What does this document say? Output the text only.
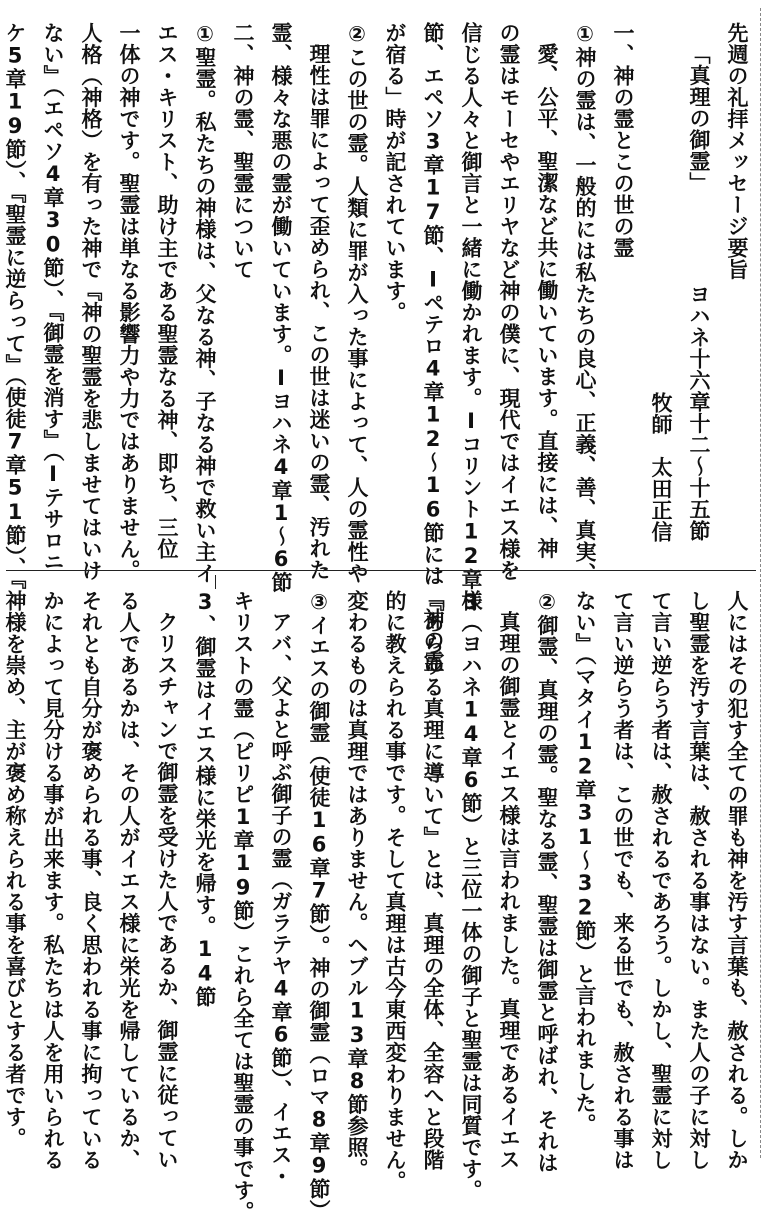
先週の礼拝メッセージ要旨
「真理の御霊」ヨハネ十六章十二〜十五節
牧師　太田正信
一、神の霊とこの世の霊
①神の霊は、一般的には私たちの良心、正義、善、真実、
愛、公平、聖潔など共に働いています。直接には、神
の霊はモーセやエリヤなど神の僕に、現代ではイエス様を
信じる人々と御言と一緒に働かれます。Ⅰコリント12章3
節、エペソ3章17節、Ⅰペテロ4章12〜16節には「神の霊
が宿る」時が記されています。
②この世の霊。人類に罪が入った事によって、人の霊性や
理性は罪によって歪められ、この世は迷いの霊、汚れた
霊、様々な悪の霊が働いています。Ⅰヨハネ4章1〜6節
二、神の霊、聖霊について
①聖霊。私たちの神様は、父なる神、子なる神で救い主イ
エス・キリスト、助け主である聖霊なる神、即ち、三位
一体の神です。聖霊は単なる影響力や力ではありません。
人格（神格）を有った神で『神の聖霊を悲しませてはいけ
ない』（エペソ4章30節）、『御霊を消す』（Ⅰテサロニ
ケ5章19節）、『聖霊に逆らって』（使徒7章51節）、『
人にはその犯す全ての罪も神を汚す言葉も、赦される。しか
し聖霊を汚す言葉は、赦される事はない。また人の子に対し
て言い逆らう者は、赦されるであろう。しかし、聖霊に対し
て言い逆らう者は、この世でも、来る世でも、赦される事は
ない』（マタイ12章31〜32節）と言われました。
②御霊、真理の霊。聖なる霊、聖霊は御霊と呼ばれ、それは
真理の御霊とイエス様は言われました。真理であるイエス
様（ヨハネ14章6節）と三位一体の御子と聖霊は同質です。
『あらゆる真理に導いて』とは、真理の全体、全容へと段階
的に教えられる事です。そして真理は古今東西変わりません。
変わるものは真理ではありません。ヘブル13章8節参照。
③イエスの御霊（使徒16章7節）。神の御霊（ロマ8章9節）
アバ、父よと呼ぶ御子の霊（ガラテヤ4章6節）、イエス・
キリストの霊（ピリピ1章19節）これら全ては聖霊の事です。
3、御霊はイエス様に栄光を帰す。14節
クリスチャンで御霊を受けた人であるか、御霊に従ってい
る人であるかは、その人がイエス様に栄光を帰しているか、
それとも自分が褒められる事、良く思われる事に拘っている
かによって見分ける事が出来ます。私たちは人を用いられる
神様を崇め、主が褒め称えられる事を喜びとする者です。
